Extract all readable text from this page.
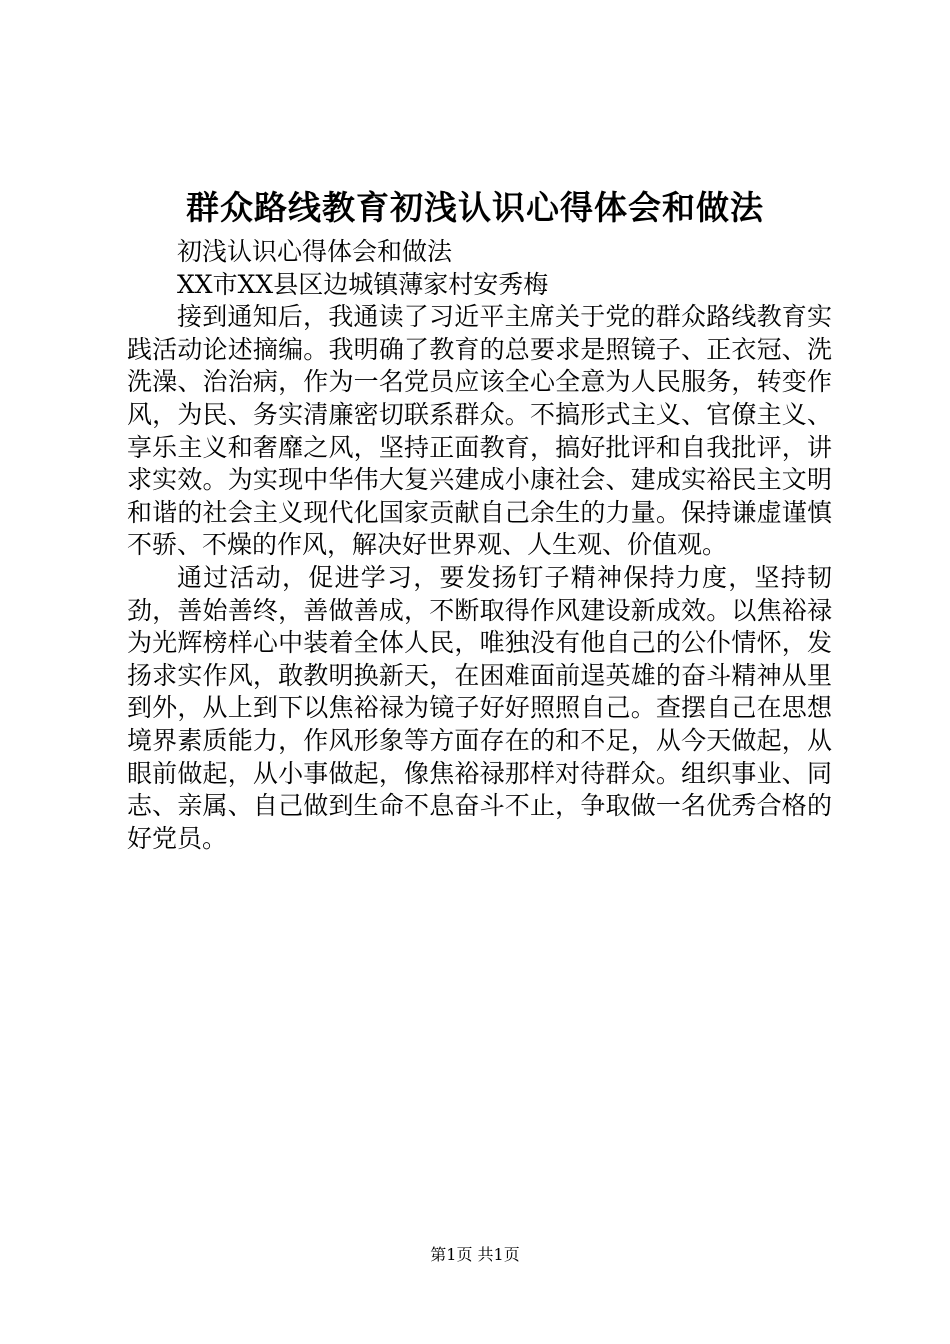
群众路线教育初浅认识心得体会和做法

初浅认识心得体会和做法

XX市XX县区边城镇薄家村安秀梅

接到通知后，我通读了习近平主席关于党的群众路线教育实践活动论述摘编。我明确了教育的总要求是照镜子、正衣冠、洗洗澡、治治病，作为一名党员应该全心全意为人民服务，转变作风，为民、务实清廉密切联系群众。不搞形式主义、官僚主义、享乐主义和奢靡之风，坚持正面教育，搞好批评和自我批评，讲求实效。为实现中华伟大复兴建成小康社会、建成实裕民主文明和谐的社会主义现代化国家贡献自己余生的力量。保持谦虚谨慎不骄、不燥的作风，解决好世界观、人生观、价值观。

通过活动，促进学习，要发扬钉子精神保持力度，坚持韧劲，善始善终，善做善成，不断取得作风建设新成效。以焦裕禄为光辉榜样心中装着全体人民，唯独没有他自己的公仆情怀，发扬求实作风，敢教明换新天，在困难面前逞英雄的奋斗精神从里到外，从上到下以焦裕禄为镜子好好照照自己。查摆自己在思想境界素质能力，作风形象等方面存在的和不足，从今天做起，从眼前做起，从小事做起，像焦裕禄那样对待群众。组织事业、同志、亲属、自己做到生命不息奋斗不止，争取做一名优秀合格的好党员。

第1页 共1页
